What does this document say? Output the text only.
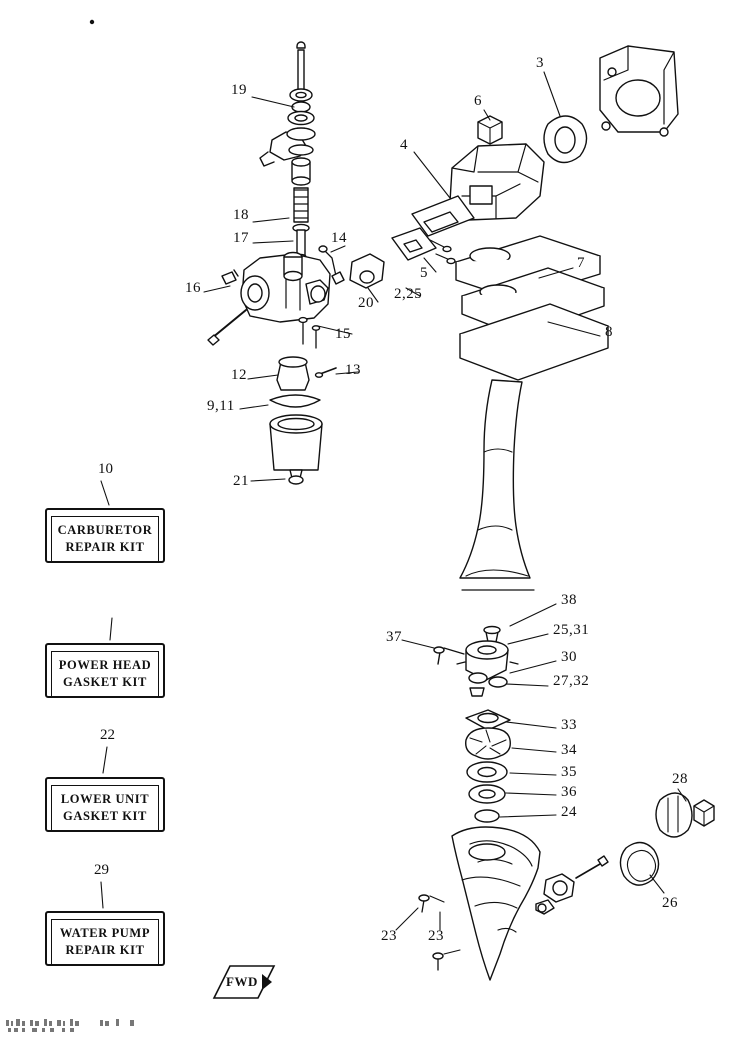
19
3
6
4
18
17	14
5
7
2,25
20
16
8
15
12	13
9,11
21
38
25,31
37
30
27,32
33
34
35
36
24
28
26
23 23
10
CARBURETOR
REPAIR KIT
POWER HEAD
GASKET KIT
22
LOWER UNIT
GASKET KIT
29
WATER PUMP
REPAIR KIT
FWD
